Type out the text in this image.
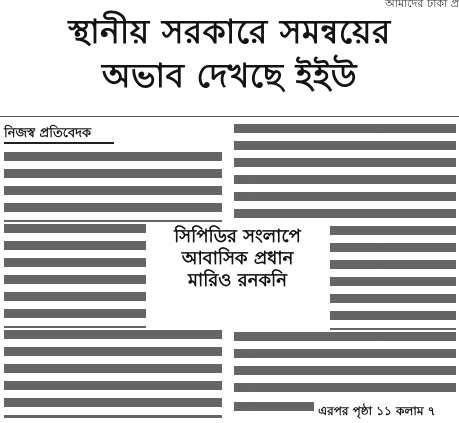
আমাদের ঢাকা প্র
স্থানীয় সরকারে সমন্বয়ের
অভাব দেখছে ইইউ
নিজস্ব প্রতিবেদক
সিপিডির সংলাপে
আবাসিক প্রধান
মারিও রনকনি
এরপর পৃষ্ঠা ১১ কলাম ৭
